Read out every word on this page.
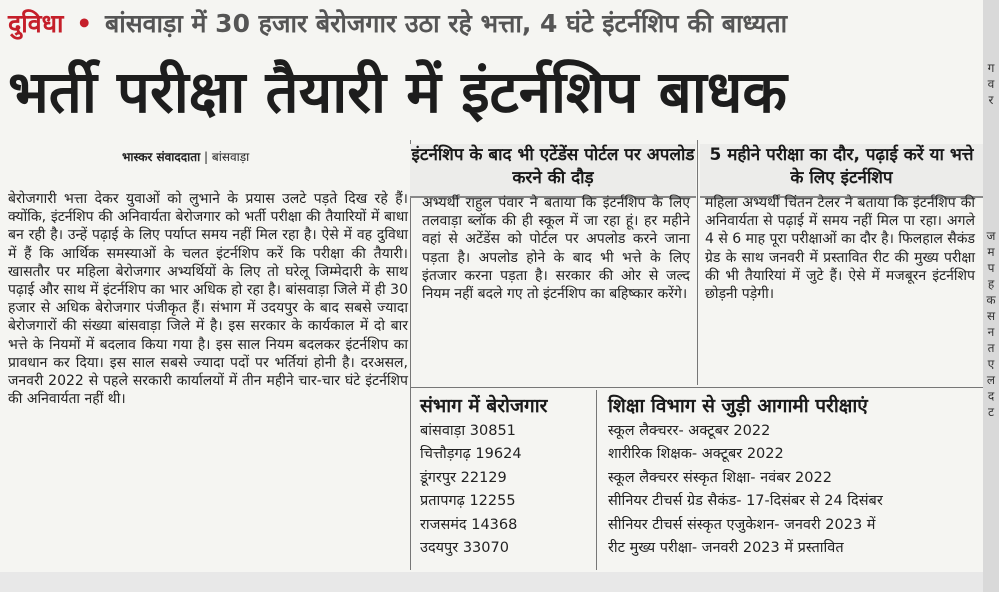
दुविधा • बांसवाड़ा में 30 हजार बेरोजगार उठा रहे भत्ता, 4 घंटे इंटर्नशिप की बाध्यता
भर्ती परीक्षा तैयारी में इंटर्नशिप बाधक
भास्कर संवाददाता | बांसवाड़ा

बेरोजगारी भत्ता देकर युवाओं को लुभाने के प्रयास उलटे पड़ते दिख रहे हैं। क्योंकि, इंटर्नशिप की अनिवार्यता बेरोजगार को भर्ती परीक्षा की तैयारियों में बाधा बन रही है। उन्हें पढ़ाई के लिए पर्याप्त समय नहीं मिल रहा है। ऐसे में वह दुविधा में हैं कि आर्थिक समस्याओं के चलत इंटर्नशिप करें कि परीक्षा की तैयारी। खासतौर पर महिला बेरोजगार अभ्यर्थियों के लिए तो घरेलू जिम्मेदारी के साथ पढ़ाई और साथ में इंटर्नशिप का भार अधिक हो रहा है। बांसवाड़ा जिले में ही 30 हजार से अधिक बेरोजगार पंजीकृत हैं। संभाग में उदयपुर के बाद सबसे ज्यादा बेरोजगारों की संख्या बांसवाड़ा जिले में है। इस सरकार के कार्यकाल में दो बार भत्ते के नियमों में बदलाव किया गया है। इस साल नियम बदलकर इंटर्नशिप का प्रावधान कर दिया। इस साल सबसे ज्यादा पदों पर भर्तियां होनी है। दरअसल, जनवरी 2022 से पहले सरकारी कार्यालयों में तीन महीने चार-चार घंटे इंटर्नशिप की अनिवार्यता नहीं थी।

इंटर्नशिप के बाद भी एटेंडेंस पोर्टल पर अपलोड करने की दौड़

अभ्यर्थी राहुल पंवार ने बताया कि इंटर्नशिप के लिए तलवाड़ा ब्लॉक की ही स्कूल में जा रहा हूं। हर महीने वहां से अटेंडेंस को पोर्टल पर अपलोड करने जाना पड़ता है। अपलोड होने के बाद भी भत्ते के लिए इंतजार करना पड़ता है। सरकार की ओर से जल्द नियम नहीं बदले गए तो इंटर्नशिप का बहिष्कार करेंगे।

5 महीने परीक्षा का दौर, पढ़ाई करें या भत्ते के लिए इंटर्नशिप

महिला अभ्यर्थी चिंतन टेलर ने बताया कि इंटर्नशिप की अनिवार्यता से पढ़ाई में समय नहीं मिल पा रहा। अगले 4 से 6 माह पूरा परीक्षाओं का दौर है। फिलहाल सैकंड ग्रेड के साथ जनवरी में प्रस्तावित रीट की मुख्य परीक्षा की भी तैयारियां में जुटे हैं। ऐसे में मजबूरन इंटर्नशिप छोड़नी पड़ेगी।

संभाग में बेरोजगार
बांसवाड़ा 30851
चित्तौड़गढ़ 19624
डूंगरपुर 22129
प्रतापगढ़ 12255
राजसमंद 14368
उदयपुर 33070
शिक्षा विभाग से जुड़ी आगामी परीक्षाएं
स्कूल लैक्चरर- अक्टूबर 2022
शारीरिक शिक्षक- अक्टूबर 2022
स्कूल लैक्चरर संस्कृत शिक्षा- नवंबर 2022
सीनियर टीचर्स ग्रेड सैकंड- 17-दिसंबर से 24 दिसंबर
सीनियर टीचर्स संस्कृत एजुकेशन- जनवरी 2023 में
रीट मुख्य परीक्षा- जनवरी 2023 में प्रस्तावित
ग
व
र
ज
म
प
ह
क
स
न
त
ए
ल
द
ट
